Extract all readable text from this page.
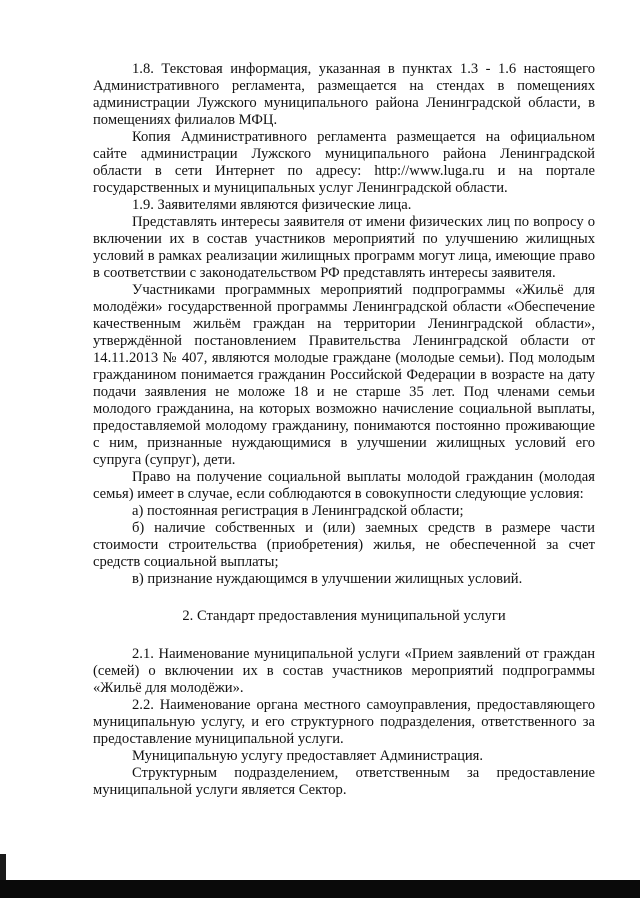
1.8. Текстовая информация, указанная в пунктах 1.3 - 1.6 настоящего Административного регламента, размещается на стендах в помещениях администрации Лужского муниципального района Ленинградской области, в помещениях филиалов МФЦ.

Копия Административного регламента размещается на официальном сайте администрации Лужского муниципального района Ленинградской области в сети Интернет по адресу: http://www.luga.ru и на портале государственных и муниципальных услуг Ленинградской области.

1.9. Заявителями являются физические лица.

Представлять интересы заявителя от имени физических лиц по вопросу о включении их в состав участников мероприятий по улучшению жилищных условий в рамках реализации жилищных программ могут лица, имеющие право в соответствии с законодательством РФ представлять интересы заявителя.

Участниками программных мероприятий подпрограммы «Жильё для молодёжи» государственной программы Ленинградской области «Обеспечение качественным жильём граждан на территории Ленинградской области», утверждённой постановлением Правительства Ленинградской области от 14.11.2013 № 407, являются молодые граждане (молодые семьи). Под молодым гражданином понимается гражданин Российской Федерации в возрасте на дату подачи заявления не моложе 18 и не старше 35 лет. Под членами семьи молодого гражданина, на которых возможно начисление социальной выплаты, предоставляемой молодому гражданину, понимаются постоянно проживающие с ним, признанные нуждающимися в улучшении жилищных условий его супруга (супруг), дети.

Право на получение социальной выплаты молодой гражданин (молодая семья) имеет в случае, если соблюдаются в совокупности следующие условия:

а) постоянная регистрация в Ленинградской области;

б) наличие собственных и (или) заемных средств в размере части стоимости строительства (приобретения) жилья, не обеспеченной за счет средств социальной выплаты;

в) признание нуждающимся в улучшении жилищных условий.

2. Стандарт предоставления муниципальной услуги

2.1. Наименование муниципальной услуги «Прием заявлений от граждан (семей) о включении их в состав участников мероприятий подпрограммы «Жильё для молодёжи».

2.2. Наименование органа местного самоуправления, предоставляющего муниципальную услугу, и его структурного подразделения, ответственного за предоставление муниципальной услуги.

Муниципальную услугу предоставляет Администрация.

Структурным подразделением, ответственным за предоставление муниципальной услуги является Сектор.
